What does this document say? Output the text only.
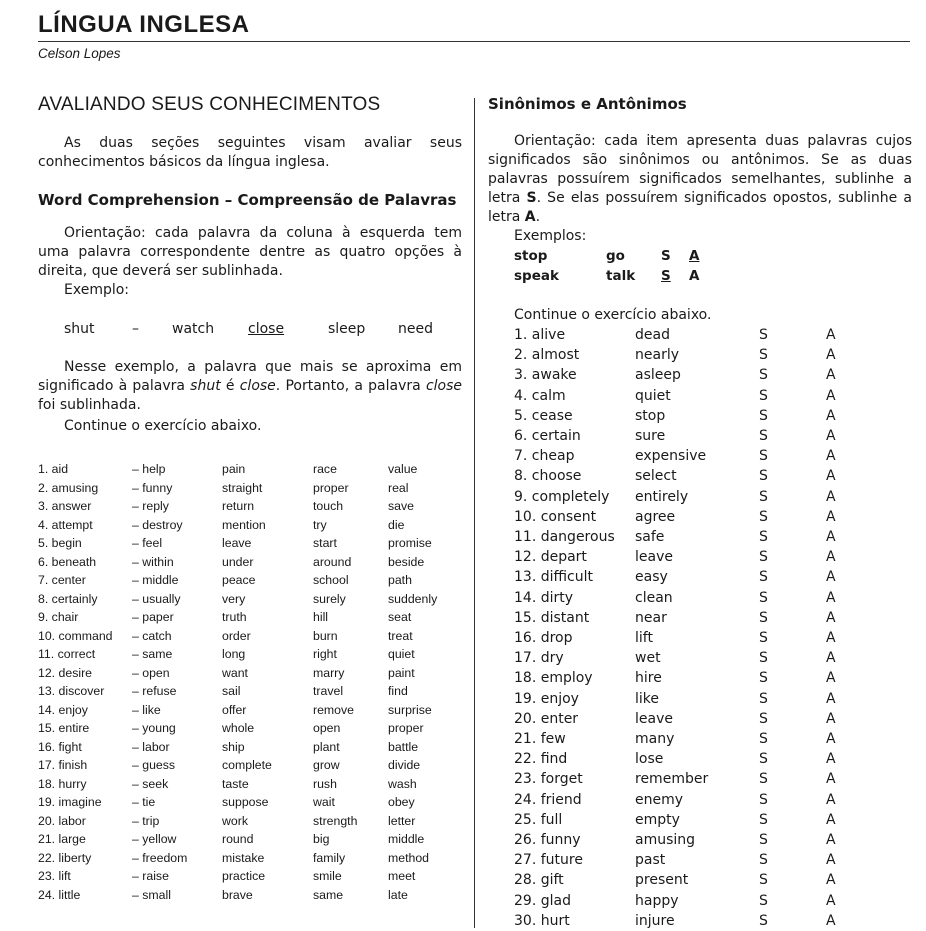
LÍNGUA INGLESA
Celson Lopes
AVALIANDO SEUS CONHECIMENTOS

As duas seções seguintes visam avaliar seus conhecimentos básicos da língua inglesa.

Word Comprehension – Compreensão de Palavras

Orientação: cada palavra da coluna à esquerda tem uma palavra correspondente dentre as quatro opções à direita, que deverá ser sublinhada.

Exemplo:

shut	–	watch	close	sleep	need

Nesse exemplo, a palavra que mais se aproxima em significado à palavra shut é close. Portanto, a palavra close foi sublinhada.

Continue o exercício abaixo.

1. aid	– help	pain	race	value
2. amusing	– funny	straight	proper	real
3. answer	– reply	return	touch	save
4. attempt	– destroy	mention	try	die
5. begin	– feel	leave	start	promise
6. beneath	– within	under	around	beside
7. center	– middle	peace	school	path
8. certainly	– usually	very	surely	suddenly
9. chair	– paper	truth	hill	seat
10. command	– catch	order	burn	treat
11. correct	– same	long	right	quiet
12. desire	– open	want	marry	paint
13. discover	– refuse	sail	travel	find
14. enjoy	– like	offer	remove	surprise
15. entire	– young	whole	open	proper
16. fight	– labor	ship	plant	battle
17. finish	– guess	complete	grow	divide
18. hurry	– seek	taste	rush	wash
19. imagine	– tie	suppose	wait	obey
20. labor	– trip	work	strength	letter
21. large	– yellow	round	big	middle
22. liberty	– freedom	mistake	family	method
23. lift	– raise	practice	smile	meet
24. little	– small	brave	same	late
Sinônimos e Antônimos

Orientação: cada item apresenta duas palavras cujos significados são sinônimos ou antônimos. Se as duas palavras possuírem significados semelhantes, sublinhe a letra S. Se elas possuírem significados opostos, sublinhe a letra A.

Exemplos:

stop	go	S	A
speak	talk	S	A

Continue o exercício abaixo.

1. alive	dead	S	A
2. almost	nearly	S	A
3. awake	asleep	S	A
4. calm	quiet	S	A
5. cease	stop	S	A
6. certain	sure	S	A
7. cheap	expensive	S	A
8. choose	select	S	A
9. completely	entirely	S	A
10. consent	agree	S	A
11. dangerous	safe	S	A
12. depart	leave	S	A
13. difficult	easy	S	A
14. dirty	clean	S	A
15. distant	near	S	A
16. drop	lift	S	A
17. dry	wet	S	A
18. employ	hire	S	A
19. enjoy	like	S	A
20. enter	leave	S	A
21. few	many	S	A
22. find	lose	S	A
23. forget	remember	S	A
24. friend	enemy	S	A
25. full	empty	S	A
26. funny	amusing	S	A
27. future	past	S	A
28. gift	present	S	A
29. glad	happy	S	A
30. hurt	injure	S	A
